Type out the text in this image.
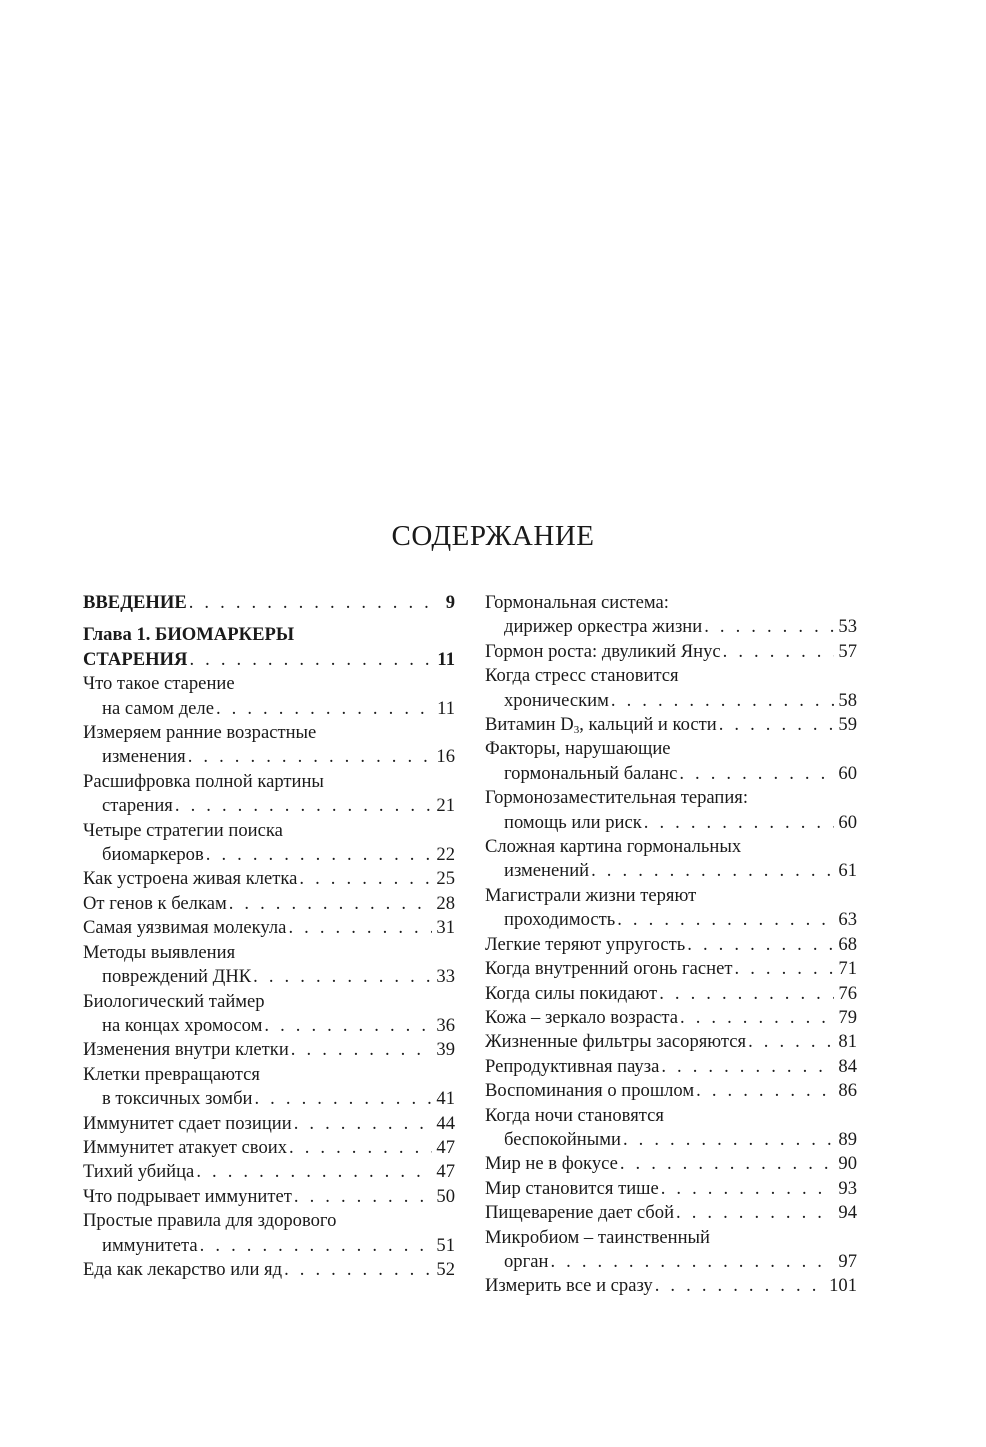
СОДЕРЖАНИЕ
ВВЕДЕНИЕ . . .	9
Глава 1. БИОМАРКЕРЫ
СТАРЕНИЯ . . .	11
Что такое старение
на самом деле . . .	11
Измеряем ранние возрастные
изменения . . .	16
Расшифровка полной картины
старения . . .	21
Четыре стратегии поиска
биомаркеров . . .	22
Как устроена живая клетка . . .	25
От генов к белкам . . .	28
Самая уязвимая молекула . . .	31
Методы выявления
повреждений ДНК . . .	33
Биологический таймер
на концах хромосом . . .	36
Изменения внутри клетки . . .	39
Клетки превращаются
в токсичных зомби . . .	41
Иммунитет сдает позиции . . .	44
Иммунитет атакует своих . . .	47
Тихий убийца . . .	47
Что подрывает иммунитет . . .	50
Простые правила для здорового
иммунитета . . .	51
Еда как лекарство или яд . . .	52
Гормональная система:
дирижер оркестра жизни . . .	53
Гормон роста: двуликий Янус . . .	57
Когда стресс становится
хроническим . . .	58
Витамин $D_3$, кальций и кости . . .	59
Факторы, нарушающие
гормональный баланс . . .	60
Гормонозаместительная терапия:
помощь или риск . . .	60
Сложная картина гормональных
изменений . . .	61
Магистрали жизни теряют
проходимость . . .	63
Легкие теряют упругость . . .	68
Когда внутренний огонь гаснет . . .	71
Когда силы покидают . . .	76
Кожа – зеркало возраста . . .	79
Жизненные фильтры засоряются . . .	81
Репродуктивная пауза . . .	84
Воспоминания о прошлом . . .	86
Когда ночи становятся
беспокойными . . .	89
Мир не в фокусе . . .	90
Мир становится тише . . .	93
Пищеварение дает сбой . . .	94
Микробиом – таинственный
орган . . .	97
Измерить все и сразу . . .	101
